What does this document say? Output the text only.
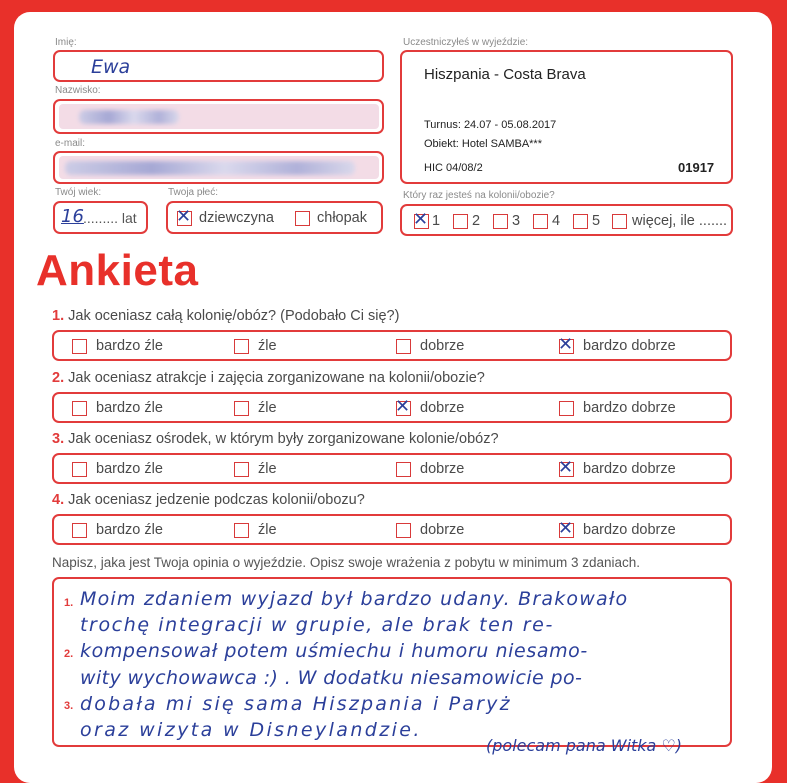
Imię:
Ewa
Nazwisko:
e-mail:
Twój wiek:
16 ......... lat
Twoja płeć:
✕ dziewczyna	chłopak
Uczestniczyłeś w wyjeździe:
Hiszpania - Costa Brava
Turnus: 24.07 - 05.08.2017
Obiekt: Hotel SAMBA***
HIC 04/08/2	01917
Który raz jesteś na kolonii/obozie?
✕ 1 2 3 4 5 więcej, ile .......
Ankieta
1. Jak oceniasz całą kolonię/obóz? (Podobało Ci się?)
bardzo źle	źle	dobrze	✕ bardzo dobrze
2. Jak oceniasz atrakcje i zajęcia zorganizowane na kolonii/obozie?
bardzo źle	źle	✕ dobrze	bardzo dobrze
3. Jak oceniasz ośrodek, w którym były zorganizowane kolonie/obóz?
bardzo źle	źle	dobrze	✕ bardzo dobrze
4. Jak oceniasz jedzenie podczas kolonii/obozu?
bardzo źle	źle	dobrze	✕ bardzo dobrze
Napisz, jaka jest Twoja opinia o wyjeździe. Opisz swoje wrażenia z pobytu w minimum 3 zdaniach.
1.
2.
3.
Moim zdaniem wyjazd był bardzo udany. Brakowało
trochę integracji w grupie, ale brak ten re-
kompensował potem uśmiechu i humoru niesamo-
wity wychowawca :) . W dodatku niesamowicie po-
dobała mi się sama Hiszpania i Paryż
oraz wizyta w Disneylandzie.
(polecam pana Witka ♡)
